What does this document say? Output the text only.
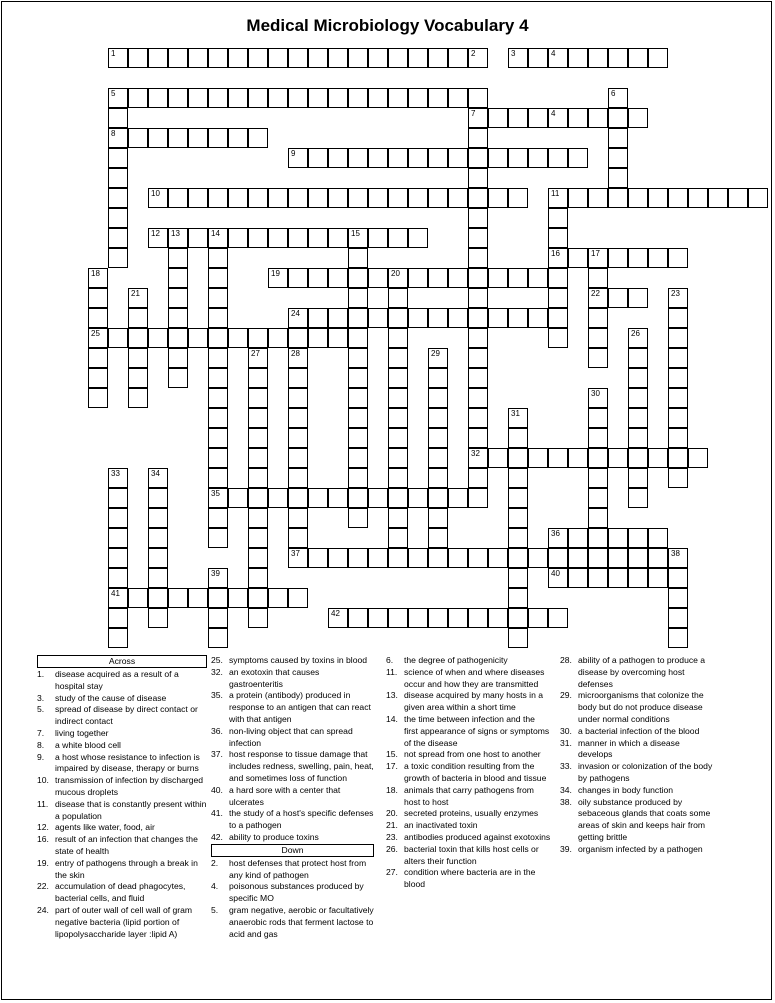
Medical Microbiology Vocabulary 4
1	2	3	4
5	6
7	4
8
9
10	11
12 13	14	15
16	17
18	19	20
21	22	23
24
25	26
27	28	29
30
31
32
33	34
35
36
37	38
39	40
41
42
Across
1. disease acquired as a result of a hospital stay
3. study of the cause of disease
5. spread of disease by direct contact or indirect contact
7. living together
8. a white blood cell
9. a host whose resistance to infection is impaired by disease, therapy or burns
10. transmission of infection by discharged mucous droplets
11. disease that is constantly present within a population
12. agents like water, food, air
16. result of an infection that changes the state of health
19. entry of pathogens through a break in the skin
22. accumulation of dead phagocytes, bacterial cells, and fluid
24. part of outer wall of cell wall of gram negative bacteria (lipid portion of lipopolysaccharide layer :lipid A)
25. symptoms caused by toxins in blood
32. an exotoxin that causes gastroenteritis
35. a protein (antibody) produced in response to an antigen that can react with that antigen
36. non-living object that can spread infection
37. host response to tissue damage that includes redness, swelling, pain, heat, and sometimes loss of function
40. a hard sore with a center that ulcerates
41. the study of a host's specific defenses to a pathogen
42. ability to produce toxins
Down
2. host defenses that protect host from any kind of pathogen
4. poisonous substances produced by specific MO
5. gram negative, aerobic or facultatively anaerobic rods that ferment lactose to acid and gas
6. the degree of pathogenicity
11. science of when and where diseases occur and how they are transmitted
13. disease acquired by many hosts in a given area within a short time
14. the time between infection and the first appearance of signs or symptoms of the disease
15. not spread from one host to another
17. a toxic condition resulting from the growth of bacteria in blood and tissue
18. animals that carry pathogens from host to host
20. secreted proteins, usually enzymes
21. an inactivated toxin
23. antibodies produced against exotoxins
26. bacterial toxin that kills host cells or alters their function
27. condition where bacteria are in the blood
28. ability of a pathogen to produce a disease by overcoming host defenses
29. microorganisms that colonize the body but do not produce disease under normal conditions
30. a bacterial infection of the blood
31. manner in which a disease develops
33. invasion or colonization of the body by pathogens
34. changes in body function
38. oily substance produced by sebaceous glands that coats some areas of skin and keeps hair from getting brittle
39. organism infected by a pathogen
